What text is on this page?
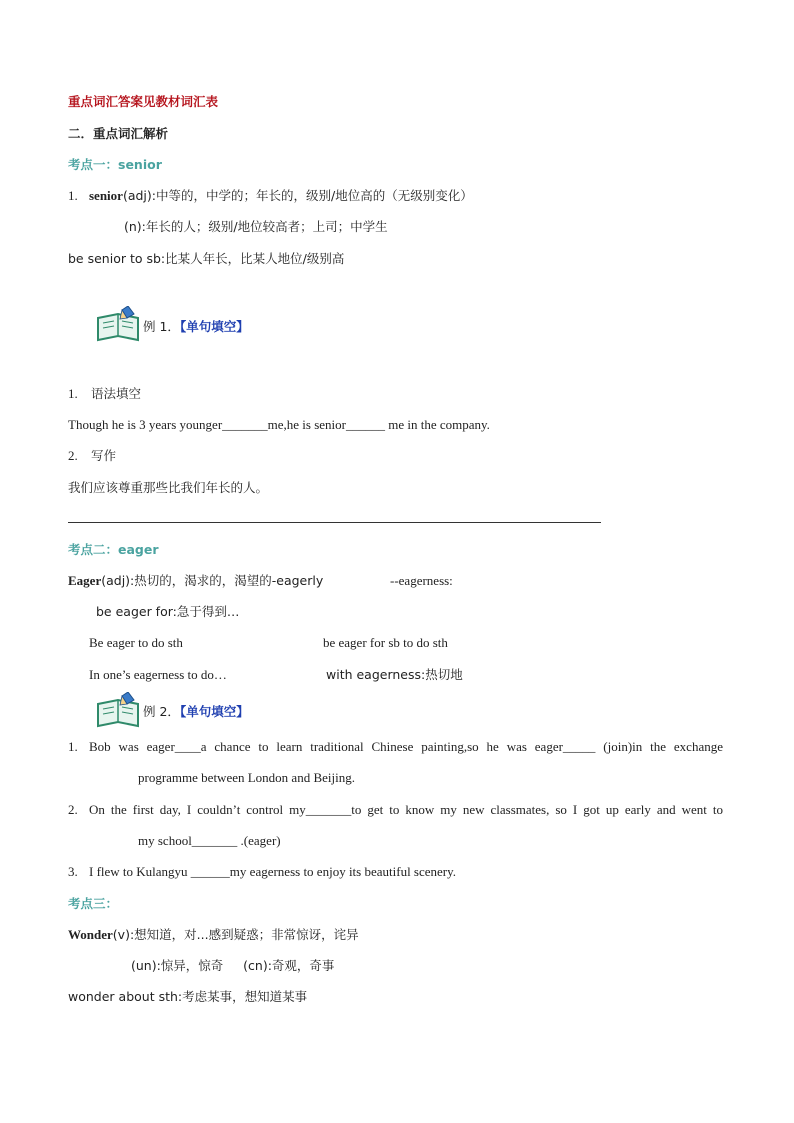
重点词汇答案见教材词汇表
二．重点词汇解析
考点一：senior
1. senior(adj):中等的，中学的；年长的，级别/地位高的（无级别变化）
(n):年长的人；级别/地位较高者；上司；中学生
be senior to sb:比某人年长，比某人地位/级别高
例 1．【单句填空】
1. 语法填空
Though he is 3 years younger_______me,he is senior______ me in the company.
2. 写作
我们应该尊重那些比我们年长的人。
考点二：eager
Eager(adj):热切的，渴求的，渴望的-eagerly	--eagerness:
be eager for:急于得到…
Be eager to do sth	be eager for sb to do sth
In one’s eagerness to do…	with eagerness:热切地
例 2．【单句填空】
1. Bob was eager____a chance to learn traditional Chinese painting,so he was eager_____ (join)in the exchange
programme between London and Beijing.
2. On the first day, I couldn’t control my_______to get to know my new classmates, so I got up early and went to
my school_______ .(eager)
3. I flew to Kulangyu ______my eagerness to enjoy its beautiful scenery.
考点三：
Wonder(v):想知道，对...感到疑惑；非常惊讶，诧异
(un):惊异，惊奇     (cn):奇观，奇事
wonder about sth:考虑某事，想知道某事
